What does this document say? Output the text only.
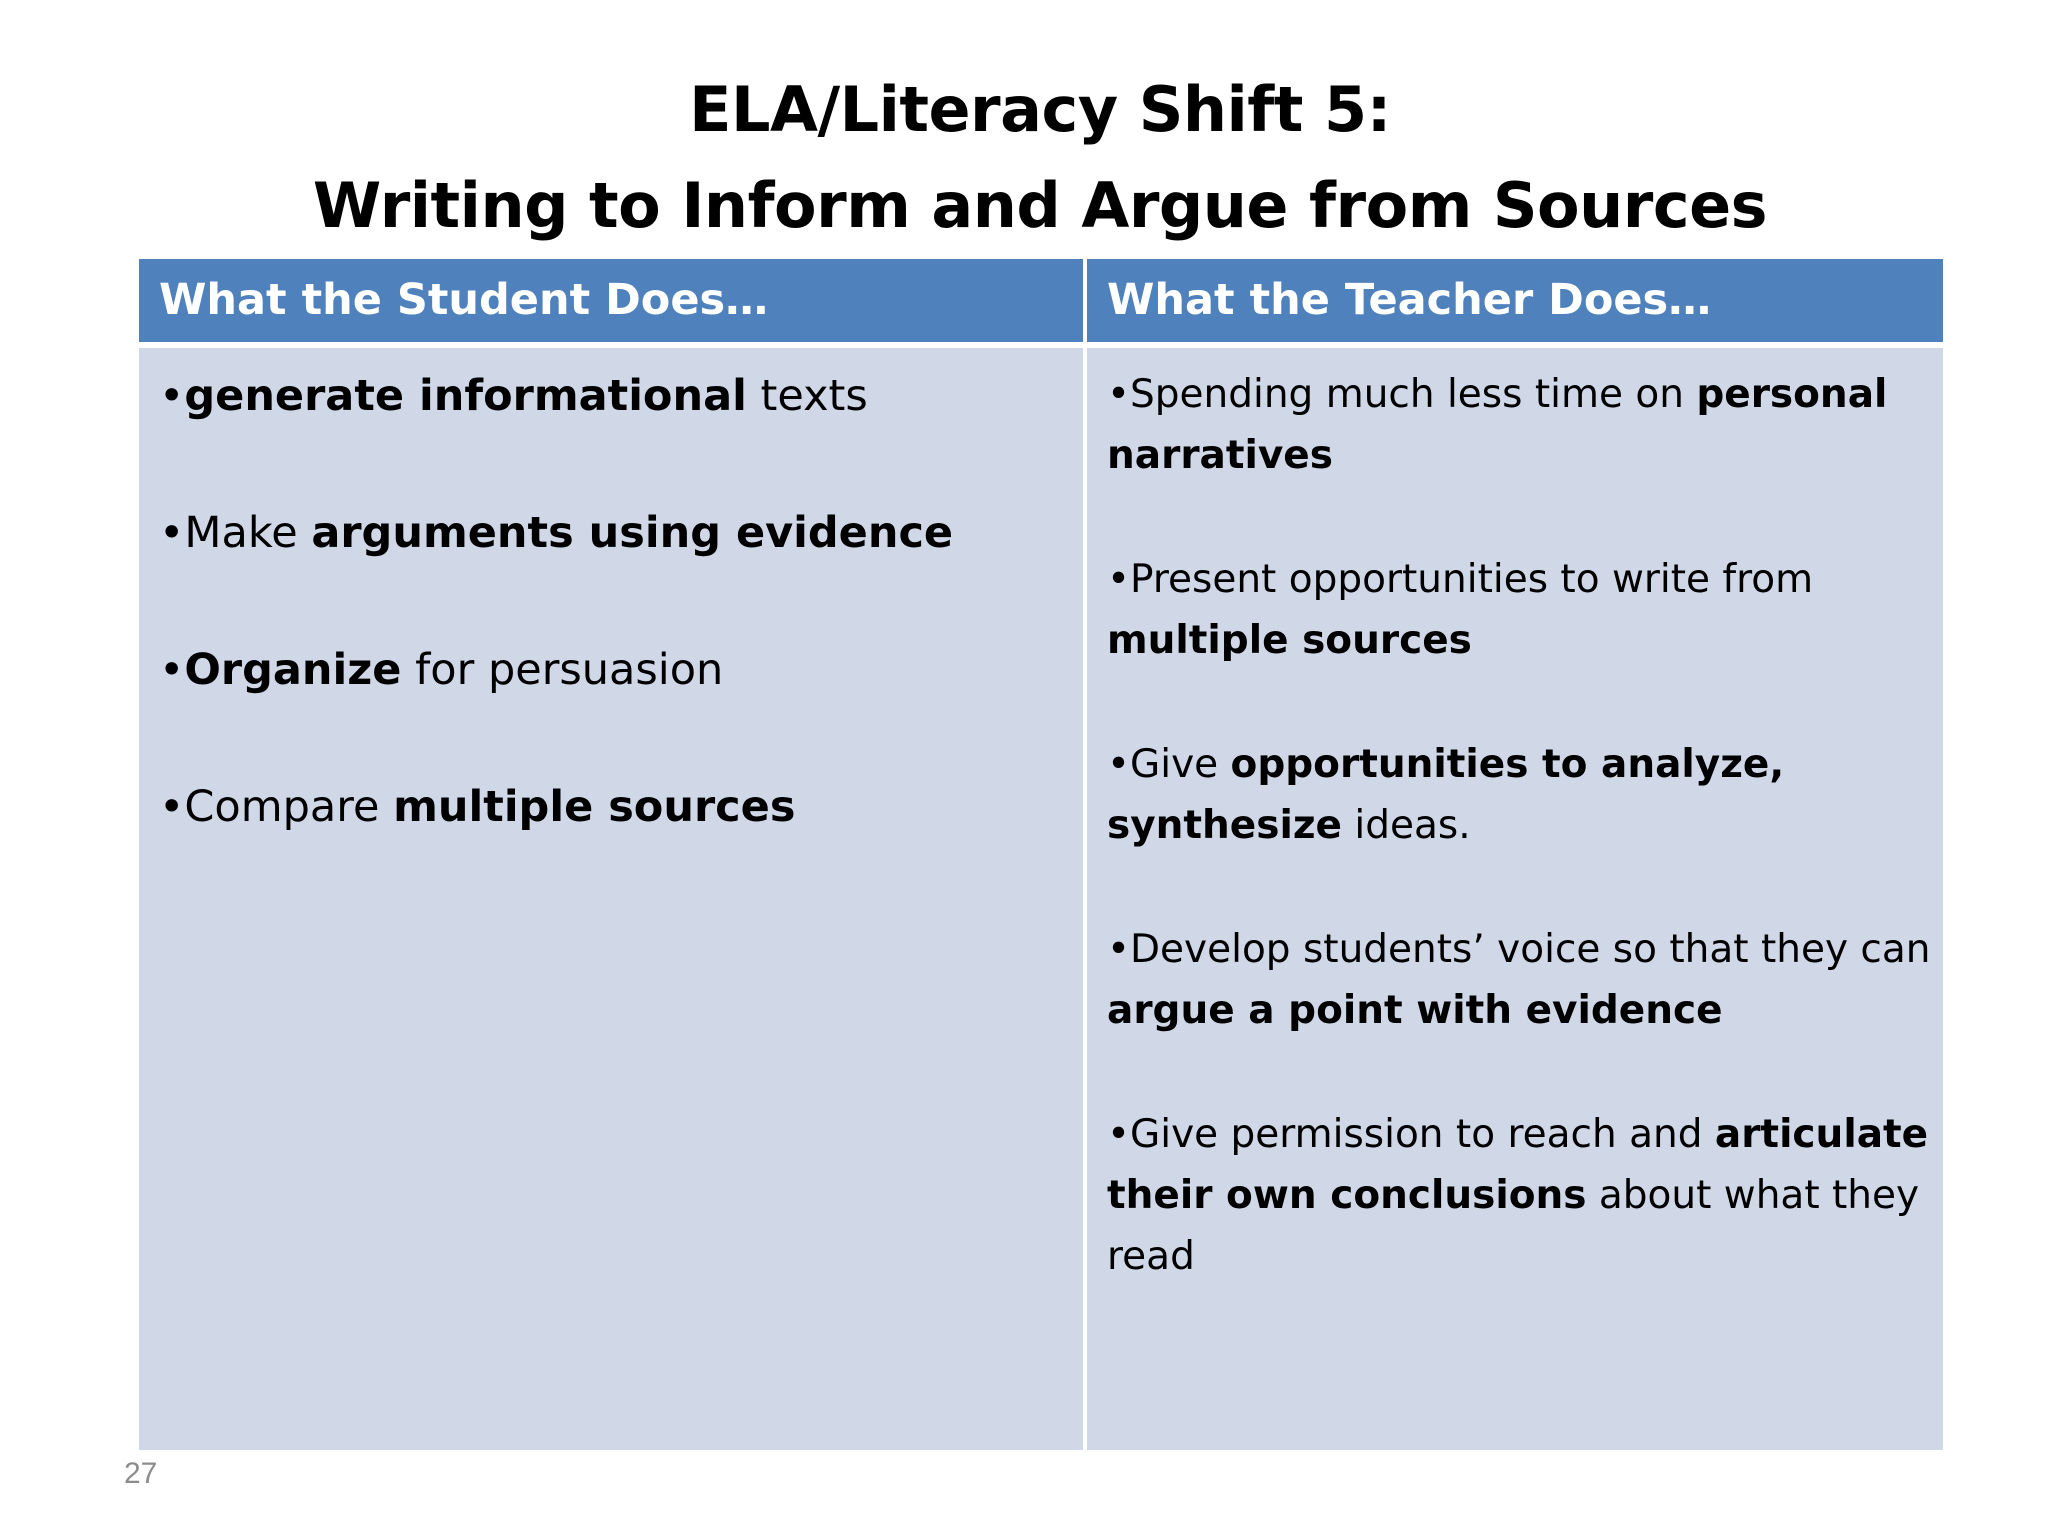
ELA/Literacy Shift 5:
Writing to Inform and Argue from Sources
What the Student Does…	What the Teacher Does…
•generate informational texts
•Make arguments using evidence
•Organize for persuasion
•Compare multiple sources
•Spending much less time on personal narratives
•Present opportunities to write from multiple sources
•Give opportunities to analyze, synthesize ideas.
•Develop students’ voice so that they can argue a point with evidence
•Give permission to reach and articulate their own conclusions about what they read
27
